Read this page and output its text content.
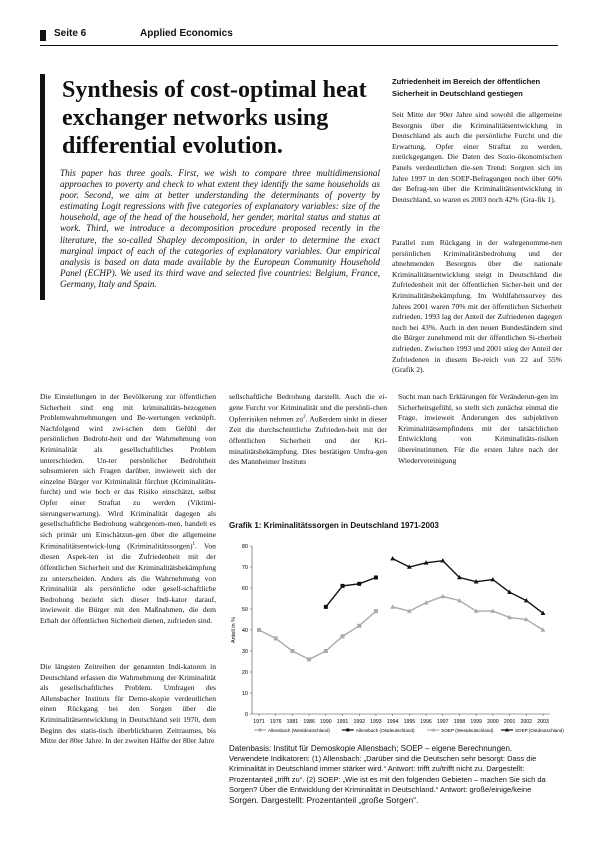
Seite 6	Applied Economics
Synthesis of cost-optimal heat exchanger networks using differential evolution.

This paper has three goals. First, we wish to compare three multidimensional approaches to poverty and check to what extent they identify the same households as poor. Second, we aim at better understanding the determinants of poverty by estimating Logit regressions with five categories of explanatory variables: size of the household, age of the head of the household, her gender, marital status and status at work. Third, we introduce a decomposition procedure proposed recently in the literature, the so-called Shapley decomposition, in order to determine the exact marginal impact of each of the categories of explanatory variables. Our empirical analysis is based on data made available by the European Community Household Panel (ECHP). We used its third wave and selected five countries: Belgium, France, Germany, Italy and Spain.

Zufriedenheit im Bereich der öffentlichen Sicherheit in Deutschland gestiegen

Seit Mitte der 90er Jahre sind sowohl die allgemeine Besorgnis über die Kriminalitätsentwicklung in Deutschland als auch die persönliche Furcht und die Erwartung, Opfer einer Straftat zu werden, zurückgegangen. Die Daten des Sozio-ökonomischen Panels verdeutlichen die-sen Trend: Sorgten sich im Jahre 1997 in den SOEP-Befragungen noch über 60% der Befrag-ten über die Kriminalitätsentwicklung in Deutschland, so waren es 2003 noch 42% (Gra-fik 1).

Parallel zum Rückgang in der wahrgenomme-nen persönlichen Kriminalitätsbedrohung und der abnehmenden Besorgnis über die nationale Kriminalitätsentwicklung steigt in Deutschland die Zufriedenheit mit der öffentlichen Sicher-heit und der Kriminalitätsbekämpfung. Im Wohlfahrtssurvey des Jahres 2001 waren 70% mit der öffentlichen Sicherheit zufrieden. 1993 lag der Anteil der Zufriedenen dagegen noch bei 43%. Auch in den neuen Bundesländern sind die Bürger zunehmend mit der öffentlichen Si-cherheit zufrieden. Zwischen 1993 und 2001 stieg der Anteil der Zufriedenen in diesem Be-reich von 22 auf 55% (Grafik 2).

Die Einstellungen in der Bevölkerung zur öffentlichen Sicherheit sind eng mit kriminalitäts-bezogenen Problemwahrnehmungen und Be-wertungen verknüpft. Nachfolgend wird zwi-schen dem Gefühl der persönlichen Bedroht-heit und der Wahrnehmung von Kriminalität als gesellschaftliches Problem unterschieden. Un-ter persönlicher Bedrohtheit subsumieren sich Fragen darüber, inwieweit sich der einzelne Bürger vor Kriminalität fürchtet (Kriminalitäts-furcht) und wie hoch er das Risiko einschätzt, selbst Opfer einer Straftat zu werden (Viktimi-sierungserwartung). Wird Kriminalität dagegen als gesellschaftliche Bedrohung wahrgenom-men, handelt es sich primär um Einschätzun-gen über die allgemeine Kriminalitätsentwick-lung (Kriminalitätssorgen)$^1$. Von diesen Aspek-ten ist die Zufriedenheit mit der öffentlichen Sicherheit und der Kriminalitätsbekämpfung zu unterscheiden. Anders als die Wahrnehmung von Kriminalität als persönliche oder gesell-schaftliche Bedrohung bezieht sich dieser Indi-kator darauf, inwieweit die Bürger mit den Maßnahmen, die dem Erhalt der öffentlichen Sicherheit dienen, zufrieden sind.

Die längsten Zeitreihen der genannten Indi-katoren in Deutschland erfassen die Wahrnehmung der Kriminalität als gesellschaftliches Problem. Umfragen des Allensbacher Instituts für Demo-skopie verdeutlichen einen Rückgang bei den Sorgen über die Kriminalitätsentwicklung in Deutschland seit 1970, dem Beginn des statis-tisch überblickbaren Zeitraumes, bis Mitte der 80er Jahre. In der zweiten Hälfte der 80er Jahre

sellschaftliche Bedrohung darstellt. Auch die ei-gene Furcht vor Kriminalität und die persönli-chen Opferrisiken nehmen $zu^2$. Außerdem sinkt in dieser Zeit die durchschnittliche Zufrieden-heit mit der öffentlichen Sicherheit und der Kri-minalitätsbekämpfung. Dies bestätigen Umfra-gen des Mannheimer Instituts

Sucht man nach Erklärungen für Veränderun-gen im Sicherheitsgefühl, so stellt sich zunächst einmal die Frage, inwieweit Änderungen des subjektiven Kriminalitätsempfindens mit der tatsächlichen Entwicklung von Kriminalitäts-risiken übereinstimmen. Für die ersten Jahre nach der Wiedervereinigung

Grafik 1: Kriminalitätssorgen in Deutschland 1971-2003
Anteil in %
0
10
20
30
40
50
60
70
80
1971 1976 1981 1986 1990 1991 1992 1993 1994 1995 1996 1997 1998 1999 2000 2001 2002 2003
Allensbach (Westdeutschland)	Allensbach (Ostdeutschland)	SOEP (Westdeutschland)	SOEP (Ostdeutschland)

Datenbasis: Institut für Demoskopie Allensbach; SOEP – eigene Berechnungen.
Verwendete Indikatoren: (1) Allensbach: „Darüber sind die Deutschen sehr besorgt: Dass die Kriminalität in Deutschland immer stärker wird.“ Antwort: trifft zu/trifft nicht zu. Dargestellt: Prozentanteil „trifft zu“. (2) SOEP: „Wie ist es mit den folgenden Gebieten – machen Sie sich da Sorgen? Über die Entwicklung der Kriminalität in Deutschland.“ Antwort: große/einige/keine
Sorgen. Dargestellt: Prozentanteil „große Sorgen“.
